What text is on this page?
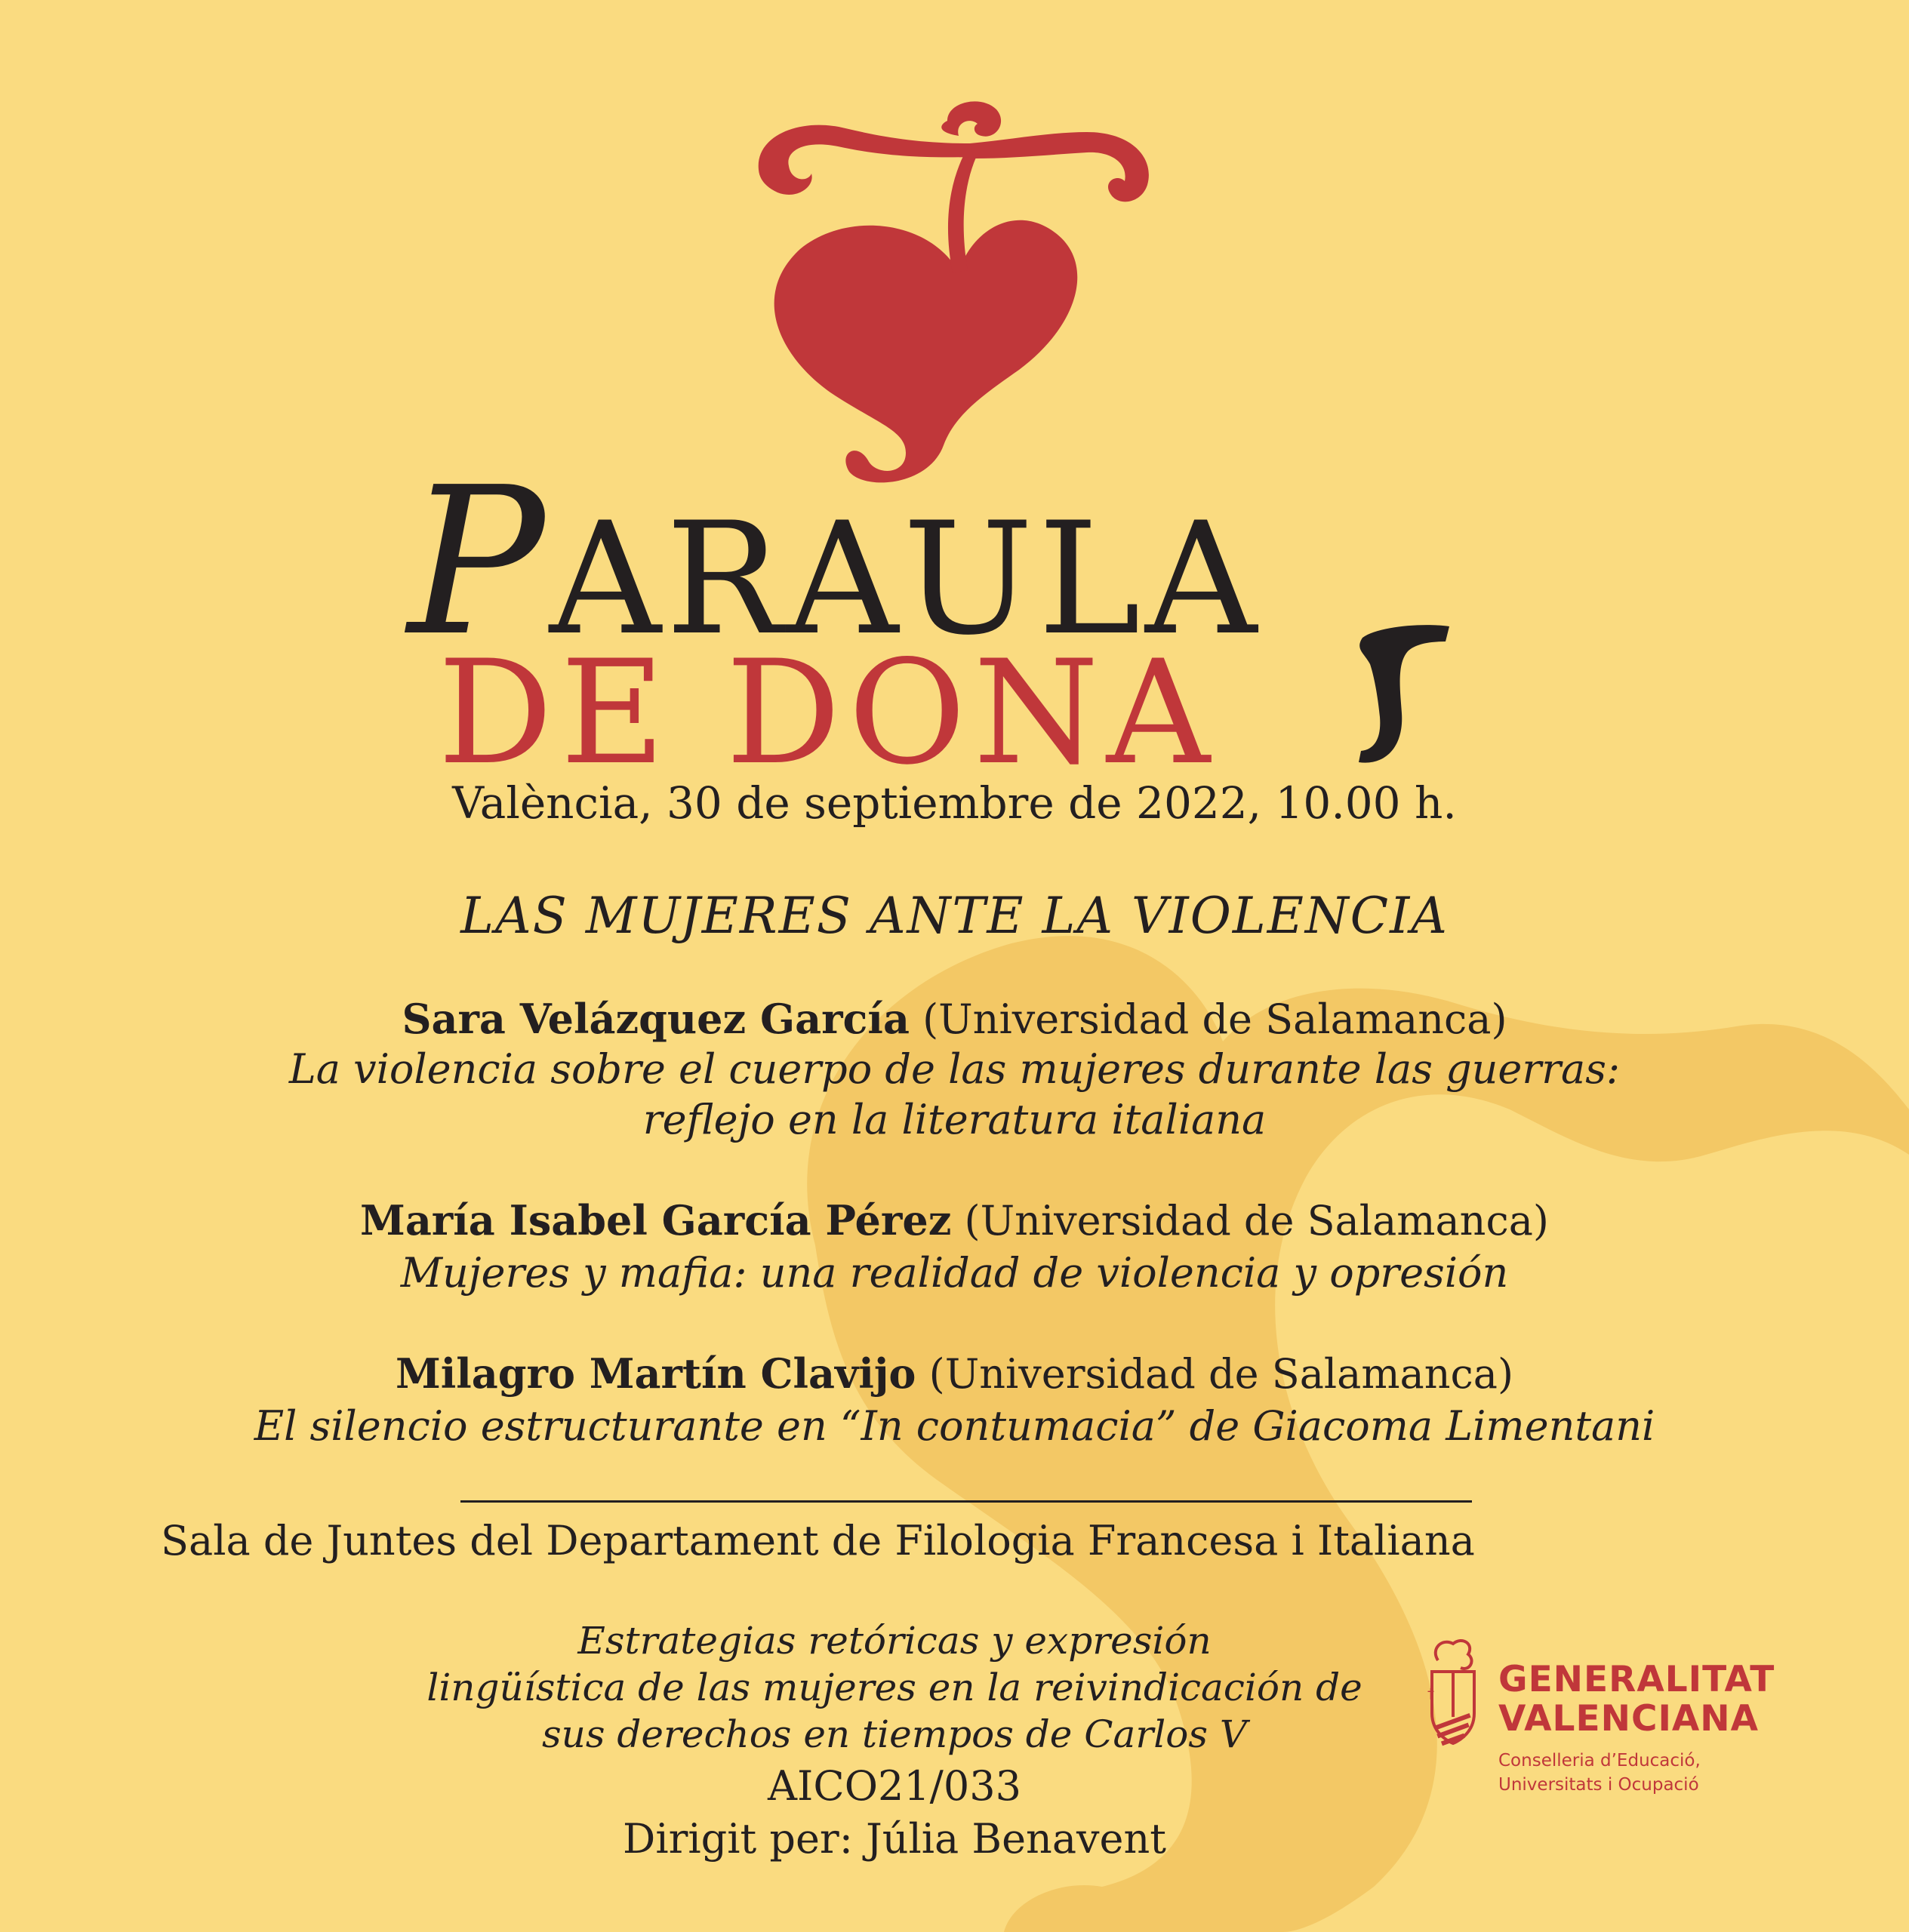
PARAULA
DE DONA
València, 30 de septiembre de 2022, 10.00 h.
LAS MUJERES ANTE LA VIOLENCIA
Sara Velázquez García (Universidad de Salamanca)
La violencia sobre el cuerpo de las mujeres durante las guerras:
reflejo en la literatura italiana
María Isabel García Pérez (Universidad de Salamanca)
Mujeres y mafia: una realidad de violencia y opresión
Milagro Martín Clavijo (Universidad de Salamanca)
El silencio estructurante en “In contumacia” de Giacoma Limentani
Sala de Juntes del Departament de Filologia Francesa i Italiana
Estrategias retóricas y expresión
lingüística de las mujeres en la reivindicación de
sus derechos en tiempos de Carlos V
AICO21/033
Dirigit per: Júlia Benavent
† GENERALITAT
VALENCIANA
Conselleria d’Educació,
Universitats i Ocupació
